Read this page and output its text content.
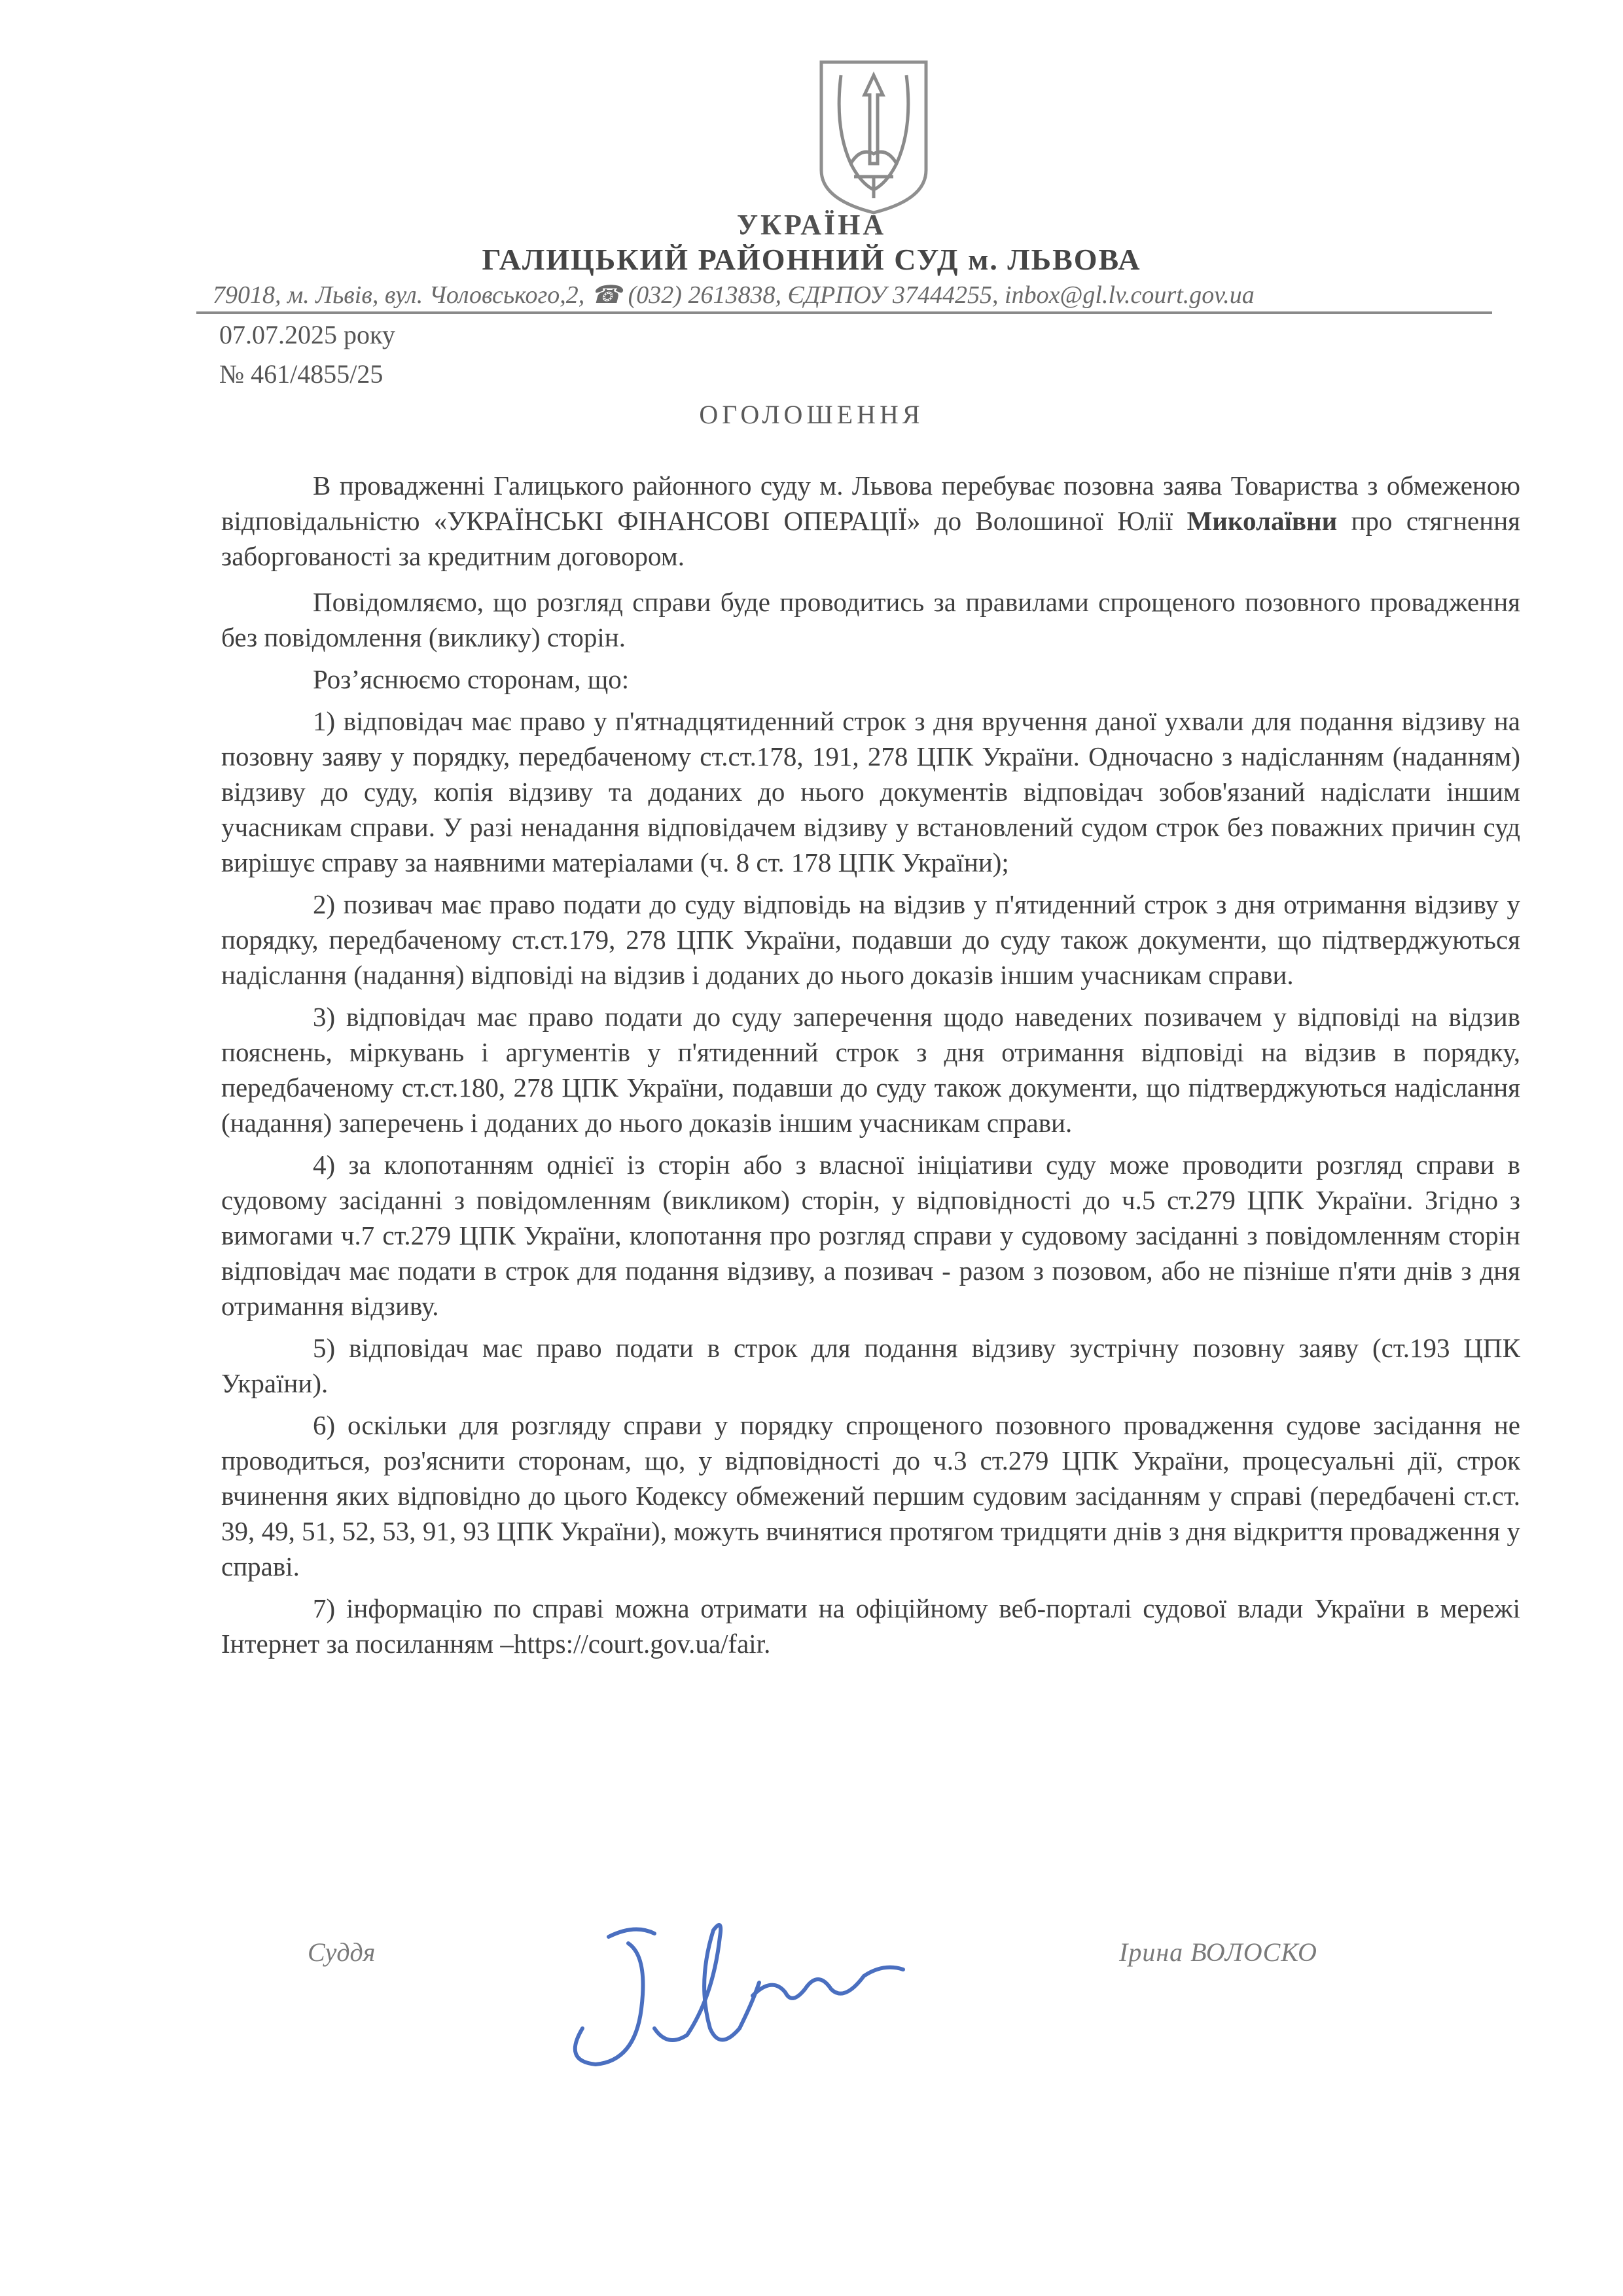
УКРАЇНА
ГАЛИЦЬКИЙ РАЙОННИЙ СУД м. ЛЬВОВА
79018, м. Львів, вул. Чоловського,2, ☎ (032) 2613838, ЄДРПОУ 37444255, inbox@gl.lv.court.gov.ua
07.07.2025 року
№ 461/4855/25
ОГОЛОШЕННЯ

В провадженні Галицького районного суду м. Львова перебуває позовна заява Товариства з обмеженою відповідальністю «УКРАЇНСЬКІ ФІНАНСОВІ ОПЕРАЦІЇ» до Волошиної Юлії Миколаївни про стягнення заборгованості за кредитним договором.

Повідомляємо, що розгляд справи буде проводитись за правилами спрощеного позовного провадження без повідомлення (виклику) сторін.

Роз’яснюємо сторонам, що:

1) відповідач має право у п'ятнадцятиденний строк з дня вручення даної ухвали для подання відзиву на позовну заяву у порядку, передбаченому ст.ст.178, 191, 278 ЦПК України. Одночасно з надісланням (наданням) відзиву до суду, копія відзиву та доданих до нього документів відповідач зобов'язаний надіслати іншим учасникам справи. У разі ненадання відповідачем відзиву у встановлений судом строк без поважних причин суд вирішує справу за наявними матеріалами (ч. 8 ст. 178 ЦПК України);

2) позивач має право подати до суду відповідь на відзив у п'ятиденний строк з дня отримання відзиву у порядку, передбаченому ст.ст.179, 278 ЦПК України, подавши до суду також документи, що підтверджуються надіслання (надання) відповіді на відзив і доданих до нього доказів іншим учасникам справи.

3) відповідач має право подати до суду заперечення щодо наведених позивачем у відповіді на відзив пояснень, міркувань і аргументів у п'ятиденний строк з дня отримання відповіді на відзив в порядку, передбаченому ст.ст.180, 278 ЦПК України, подавши до суду також документи, що підтверджуються надіслання (надання) заперечень і доданих до нього доказів іншим учасникам справи.

4) за клопотанням однієї із сторін або з власної ініціативи суду може проводити розгляд справи в судовому засіданні з повідомленням (викликом) сторін, у відповідності до ч.5 ст.279 ЦПК України. Згідно з вимогами ч.7 ст.279 ЦПК України, клопотання про розгляд справи у судовому засіданні з повідомленням сторін відповідач має подати в строк для подання відзиву, а позивач - разом з позовом, або не пізніше п'яти днів з дня отримання відзиву.

5) відповідач має право подати в строк для подання відзиву зустрічну позовну заяву (ст.193 ЦПК України).

6) оскільки для розгляду справи у порядку спрощеного позовного провадження судове засідання не проводиться, роз'яснити сторонам, що, у відповідності до ч.3 ст.279 ЦПК України, процесуальні дії, строк вчинення яких відповідно до цього Кодексу обмежений першим судовим засіданням у справі (передбачені ст.ст. 39, 49, 51, 52, 53, 91, 93 ЦПК України), можуть вчинятися протягом тридцяти днів з дня відкриття провадження у справі.

7) інформацію по справі можна отримати на офіційному веб-порталі судової влади України в мережі Інтернет за посиланням –https://court.gov.ua/fair.

Суддя	Ірина ВОЛОСКО
